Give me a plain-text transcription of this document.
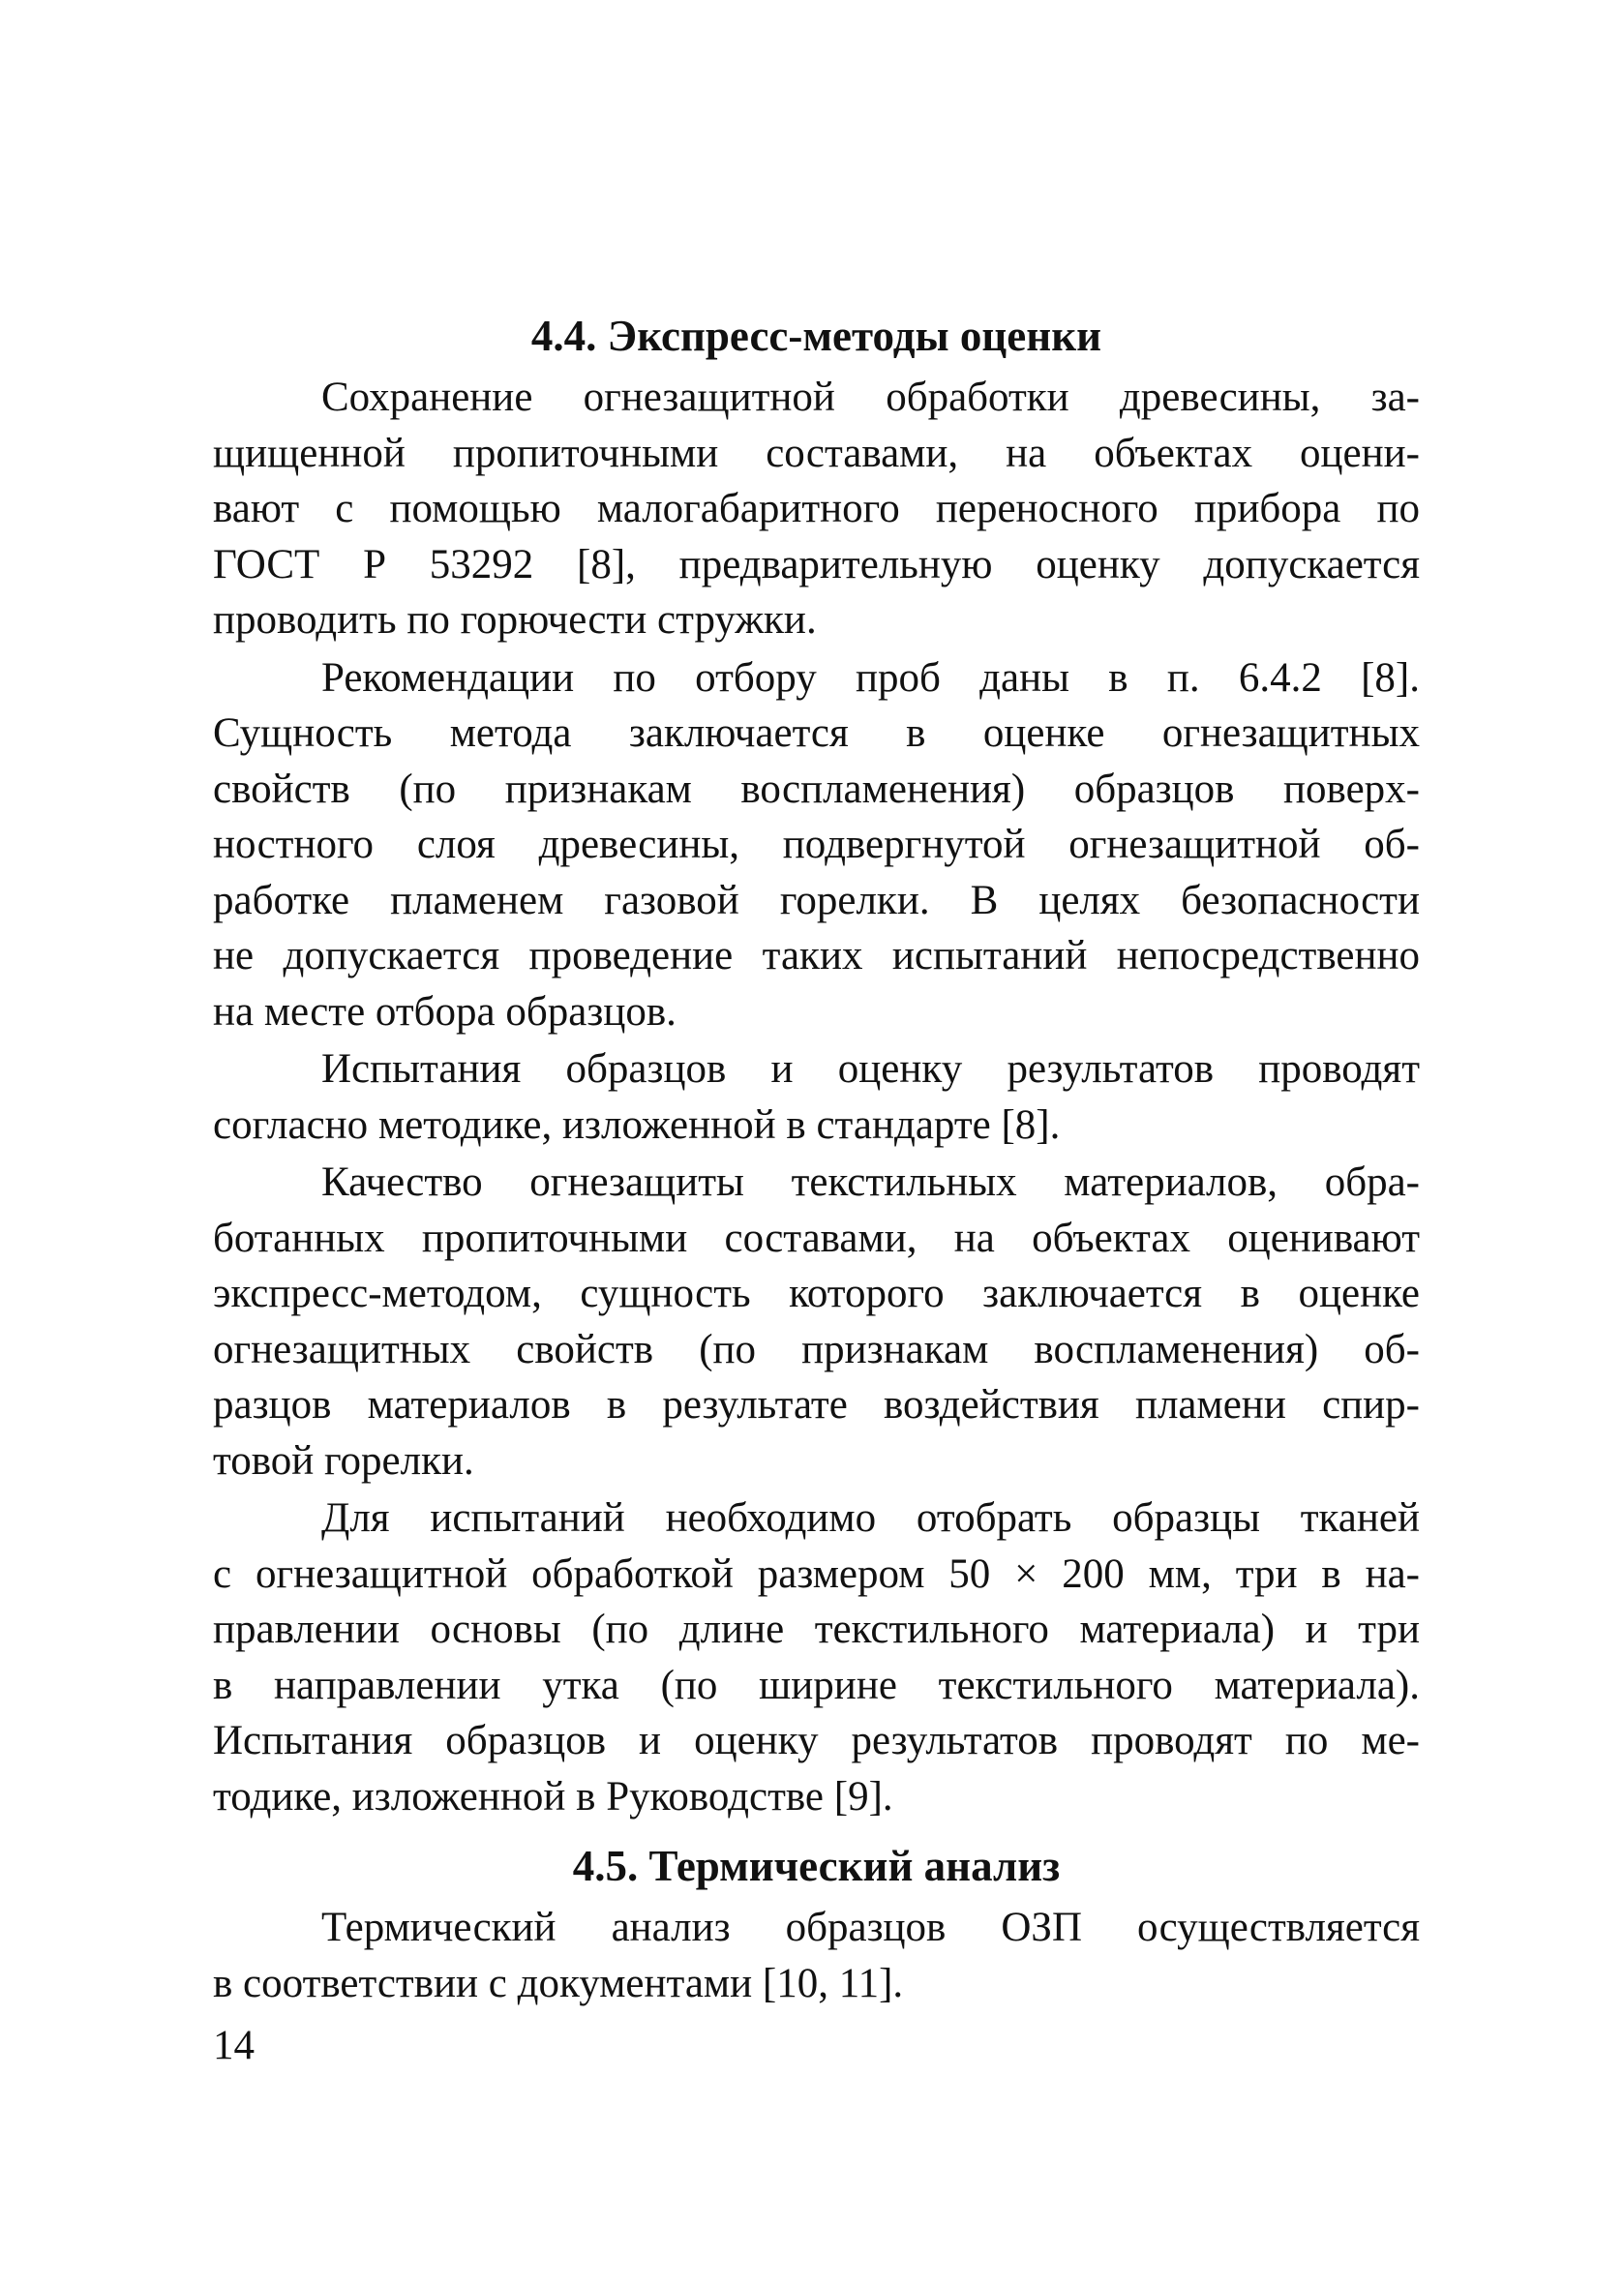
4.4. Экспресс-методы оценки

Сохранение огнезащитной обработки древесины, за-
щищенной пропиточными составами, на объектах оцени-
вают с помощью малогабаритного переносного прибора по
ГОСТ Р 53292 [8], предварительную оценку допускается
проводить по горючести стружки.

Рекомендации по отбору проб даны в п. 6.4.2 [8].
Сущность метода заключается в оценке огнезащитных
свойств (по признакам воспламенения) образцов поверх-
ностного слоя древесины, подвергнутой огнезащитной об-
работке пламенем газовой горелки. В целях безопасности
не допускается проведение таких испытаний непосредственно
на месте отбора образцов.

Испытания образцов и оценку результатов проводят
согласно методике, изложенной в стандарте [8].

Качество огнезащиты текстильных материалов, обра-
ботанных пропиточными составами, на объектах оценивают
экспресс-методом, сущность которого заключается в оценке
огнезащитных свойств (по признакам воспламенения) об-
разцов материалов в результате воздействия пламени спир-
товой горелки.

Для испытаний необходимо отобрать образцы тканей
с огнезащитной обработкой размером 50 × 200 мм, три в на-
правлении основы (по длине текстильного материала) и три
в направлении утка (по ширине текстильного материала).
Испытания образцов и оценку результатов проводят по ме-
тодике, изложенной в Руководстве [9].

4.5. Термический анализ

Термический анализ образцов ОЗП осуществляется
в соответствии с документами [10, 11].

14
